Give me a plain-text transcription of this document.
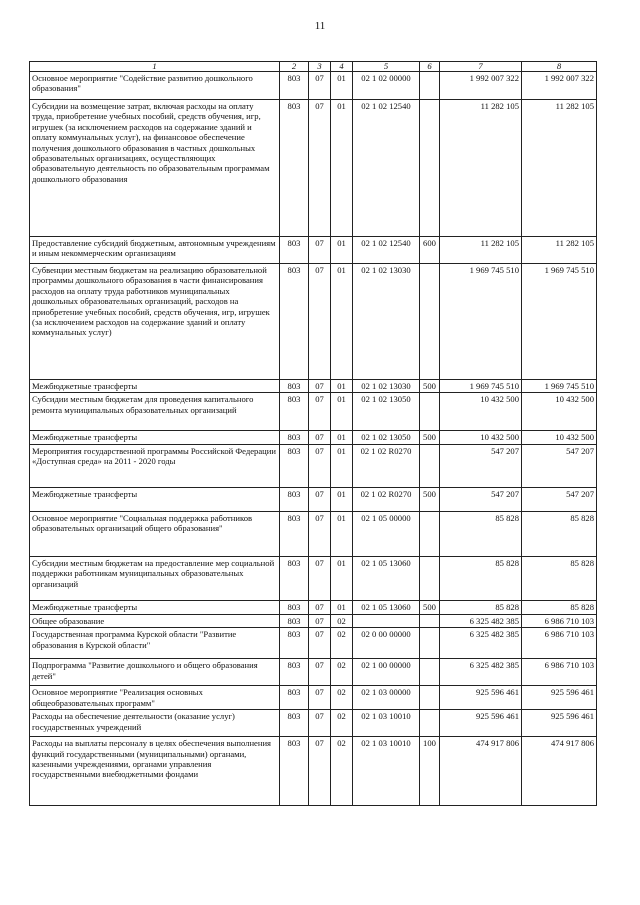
11
1	2	3	4	5	6	7	8
Основное мероприятие "Содействие развитию дошкольного образования"	803	07	01	02 1 02 00000		1 992 007 322	1 992 007 322
Субсидии на возмещение затрат, включая расходы на оплату труда, приобретение учебных пособий, средств обучения, игр, игрушек (за исключением расходов на содержание зданий и оплату коммунальных услуг), на финансовое обеспечение получения дошкольного образования в частных дошкольных образовательных организациях, осуществляющих образовательную деятельность по образовательным программам дошкольного образования	803	07	01	02 1 02 12540		11 282 105	11 282 105
Предоставление субсидий бюджетным, автономным учреждениям и иным некоммерческим организациям	803	07	01	02 1 02 12540	600	11 282 105	11 282 105
Субвенции местным бюджетам на реализацию образовательной программы дошкольного образования в части финансирования расходов на оплату труда работников муниципальных дошкольных образовательных организаций, расходов на приобретение учебных пособий, средств обучения, игр, игрушек (за исключением расходов на содержание зданий и оплату коммунальных услуг)	803	07	01	02 1 02 13030		1 969 745 510	1 969 745 510
Межбюджетные трансферты	803	07	01	02 1 02 13030	500	1 969 745 510	1 969 745 510
Субсидии местным бюджетам для проведения капитального ремонта муниципальных образовательных организаций	803	07	01	02 1 02 13050		10 432 500	10 432 500
Межбюджетные трансферты	803	07	01	02 1 02 13050	500	10 432 500	10 432 500
Мероприятия государственной программы Российской Федерации «Доступная среда» на 2011 - 2020 годы	803	07	01	02 1 02 R0270		547 207	547 207
Межбюджетные трансферты	803	07	01	02 1 02 R0270	500	547 207	547 207
Основное мероприятие "Социальная поддержка работников образовательных организаций общего образования"	803	07	01	02 1 05 00000		85 828	85 828
Субсидии местным бюджетам на предоставление мер социальной поддержки работникам муниципальных образовательных организаций	803	07	01	02 1 05 13060		85 828	85 828
Межбюджетные трансферты	803	07	01	02 1 05 13060	500	85 828	85 828
Общее образование	803	07	02			6 325 482 385	6 986 710 103
Государственная программа Курской области "Развитие образования в Курской области"	803	07	02	02 0 00 00000		6 325 482 385	6 986 710 103
Подпрограмма "Развитие дошкольного и общего образования детей"	803	07	02	02 1 00 00000		6 325 482 385	6 986 710 103
Основное мероприятие "Реализация основных общеобразовательных программ"	803	07	02	02 1 03 00000		925 596 461	925 596 461
Расходы на обеспечение деятельности (оказание услуг) государственных учреждений	803	07	02	02 1 03 10010		925 596 461	925 596 461
Расходы на выплаты персоналу в целях обеспечения выполнения функций государственными (муниципальными) органами, казенными учреждениями, органами управления государственными внебюджетными фондами	803	07	02	02 1 03 10010	100	474 917 806	474 917 806
